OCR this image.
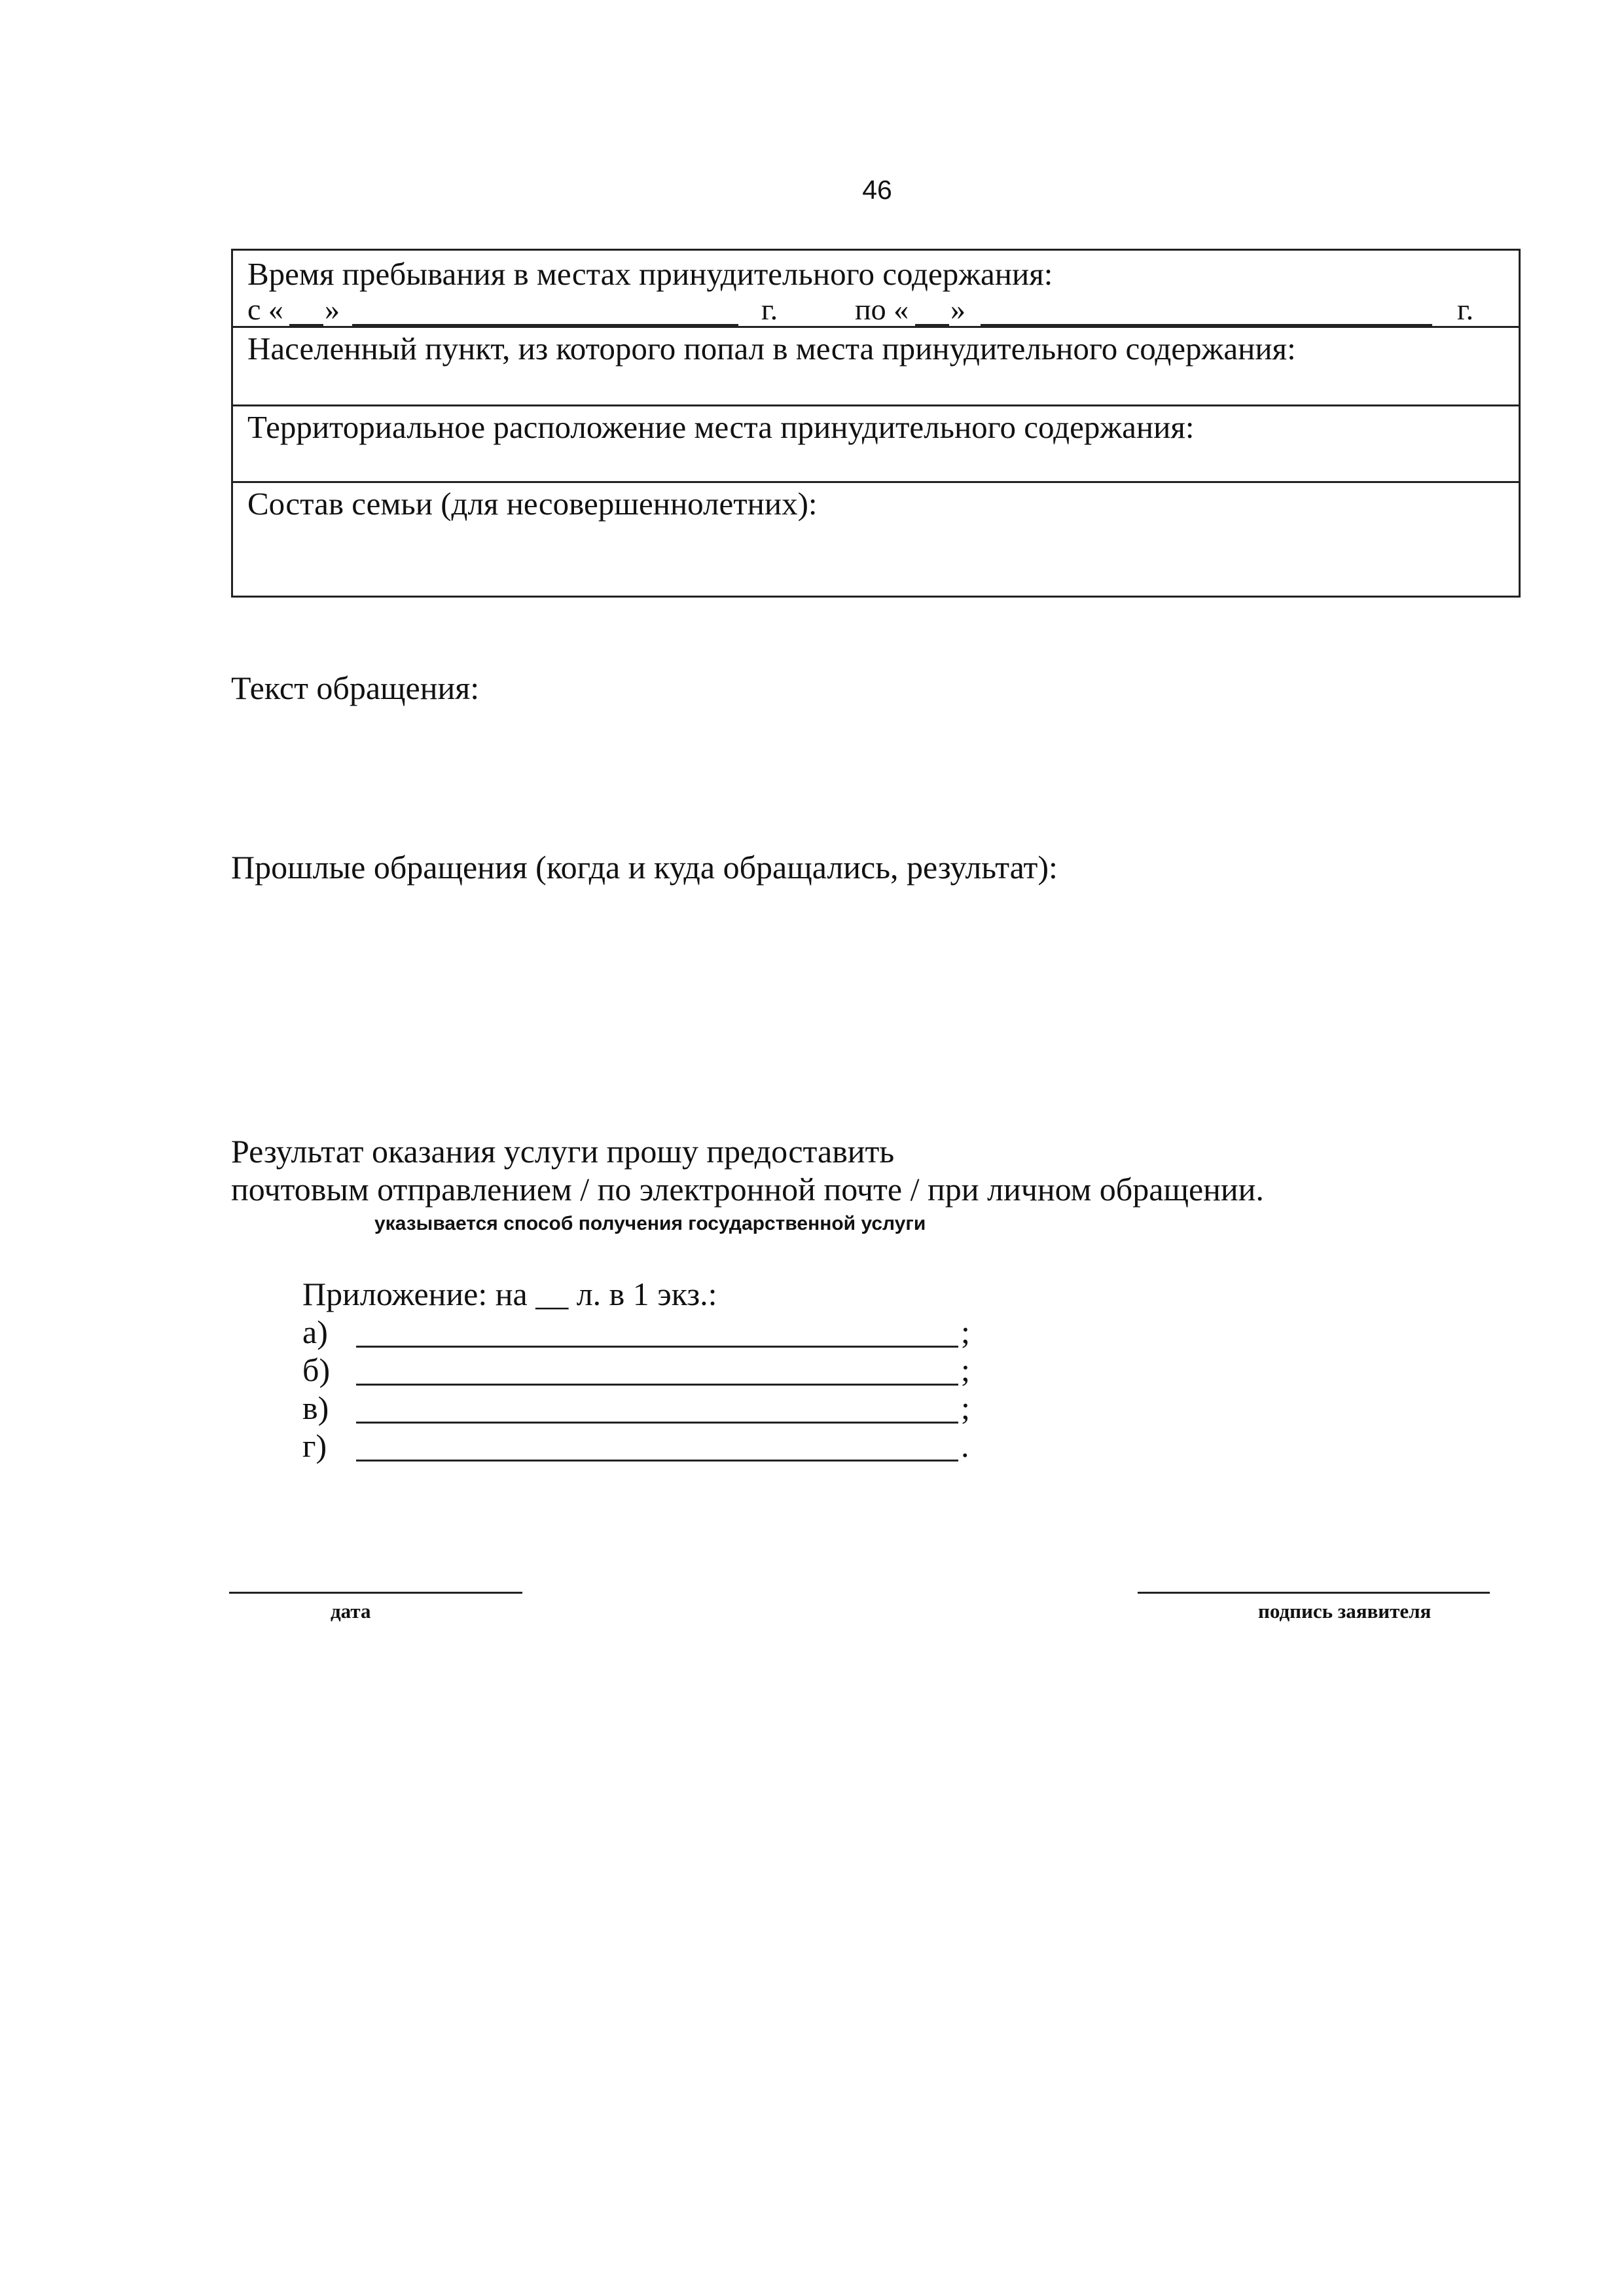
46
Время пребывания в местах принудительного содержания:
с « »	г.	по « »	г.
Населенный пункт, из которого попал в места принудительного содержания:
Территориальное расположение места принудительного содержания:
Состав семьи (для несовершеннолетних):
Текст обращения:
Прошлые обращения (когда и куда обращались, результат):
Результат оказания услуги прошу предоставить
почтовым отправлением / по электронной почте / при личном обращении.
указывается способ получения государственной услуги
Приложение: на __ л. в 1 экз.:
а)	;
б)	;
в)	;
г)	.
дата	подпись заявителя
